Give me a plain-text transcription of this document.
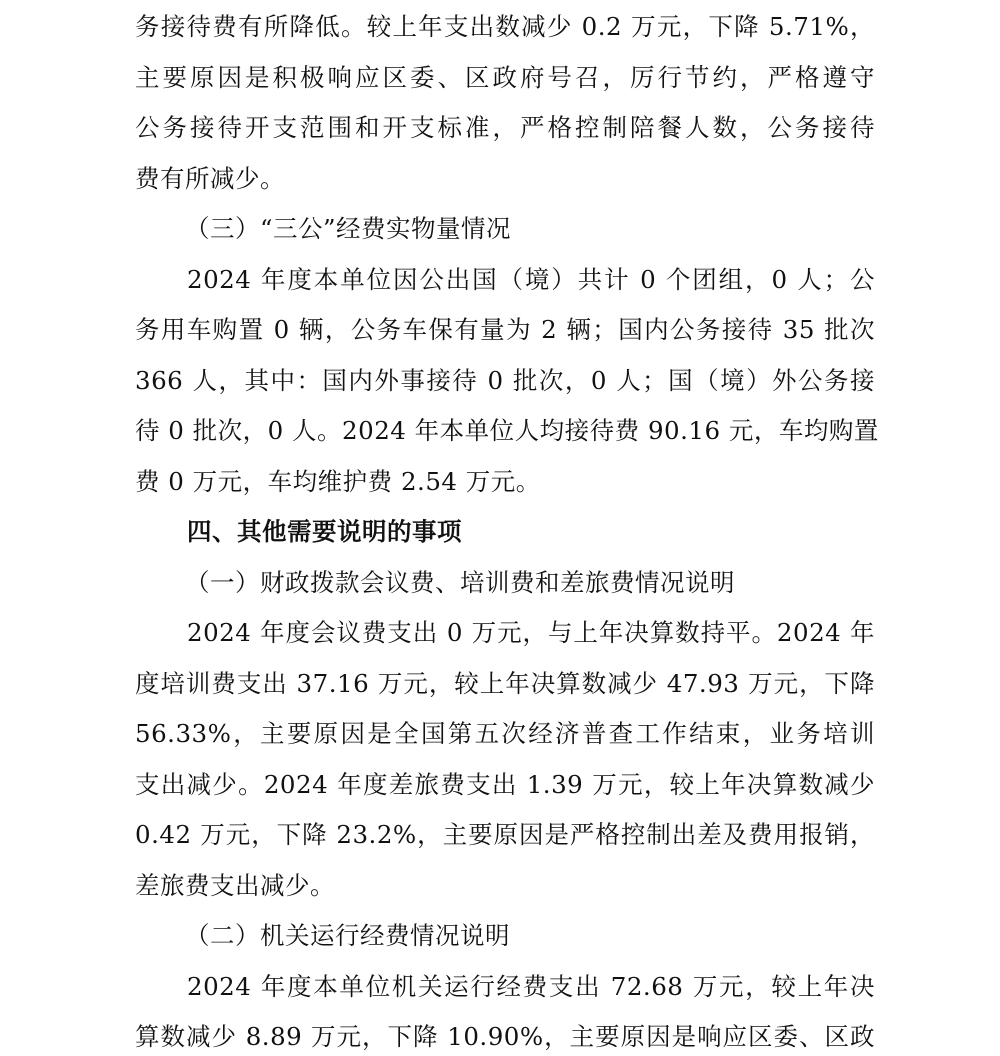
务接待费有所降低。较上年支出数减少 0.2 万元，下降 5.71%，
主要原因是积极响应区委、区政府号召，厉行节约，严格遵守
公务接待开支范围和开支标准，严格控制陪餐人数，公务接待
费有所减少。
（三）“三公”经费实物量情况
2024 年度本单位因公出国（境）共计 0 个团组，0 人；公
务用车购置 0 辆，公务车保有量为 2 辆；国内公务接待 35 批次
366 人，其中：国内外事接待 0 批次，0 人；国（境）外公务接
待 0 批次，0 人。2024 年本单位人均接待费 90.16 元，车均购置
费 0 万元，车均维护费 2.54 万元。
四、其他需要说明的事项
（一）财政拨款会议费、培训费和差旅费情况说明
2024 年度会议费支出 0 万元，与上年决算数持平。2024 年
度培训费支出 37.16 万元，较上年决算数减少 47.93 万元，下降
56.33%，主要原因是全国第五次经济普查工作结束，业务培训
支出减少。2024 年度差旅费支出 1.39 万元，较上年决算数减少
0.42 万元，下降 23.2%，主要原因是严格控制出差及费用报销，
差旅费支出减少。
（二）机关运行经费情况说明
2024 年度本单位机关运行经费支出 72.68 万元，较上年决
算数减少 8.89 万元，下降 10.90%，主要原因是响应区委、区政
